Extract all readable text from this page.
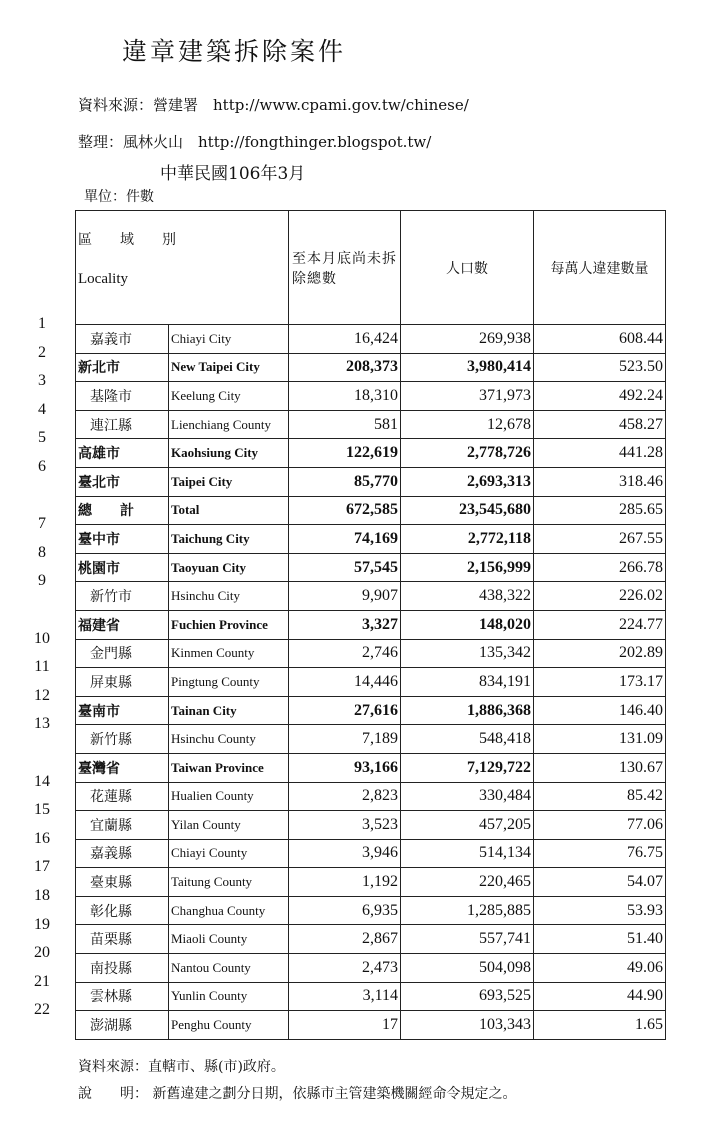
違章建築拆除案件
資料來源：營建署　http://www.cpami.gov.tw/chinese/
整理：風林火山　http://fongthinger.blogspot.tw/
中華民國106年3月
單位：件數
區　　域　　別
Locality		至本月底尚未拆除總數	人口數	每萬人違建數量
嘉義市	Chiayi City	16,424	269,938	608.44
新北市	New Taipei City	208,373	3,980,414	523.50
基隆市	Keelung City	18,310	371,973	492.24
連江縣	Lienchiang County	581	12,678	458.27
高雄市	Kaohsiung City	122,619	2,778,726	441.28
臺北市	Taipei City	85,770	2,693,313	318.46
總　　計	Total	672,585	23,545,680	285.65
臺中市	Taichung City	74,169	2,772,118	267.55
桃園市	Taoyuan City	57,545	2,156,999	266.78
新竹市	Hsinchu City	9,907	438,322	226.02
福建省	Fuchien Province	3,327	148,020	224.77
金門縣	Kinmen County	2,746	135,342	202.89
屏東縣	Pingtung County	14,446	834,191	173.17
臺南市	Tainan City	27,616	1,886,368	146.40
新竹縣	Hsinchu County	7,189	548,418	131.09
臺灣省	Taiwan Province	93,166	7,129,722	130.67
花蓮縣	Hualien County	2,823	330,484	85.42
宜蘭縣	Yilan County	3,523	457,205	77.06
嘉義縣	Chiayi County	3,946	514,134	76.75
臺東縣	Taitung County	1,192	220,465	54.07
彰化縣	Changhua County	6,935	1,285,885	53.93
苗栗縣	Miaoli County	2,867	557,741	51.40
南投縣	Nantou County	2,473	504,098	49.06
雲林縣	Yunlin County	3,114	693,525	44.90
澎湖縣	Penghu County	17	103,343	1.65
1
2
3
4
5
6
7
8
9
10
11
12
13
14
15
16
17
18
19
20
21
22
資料來源：直轄市、縣(市)政府。
說　　明： 新舊違建之劃分日期，依縣市主管建築機關經命令規定之。
